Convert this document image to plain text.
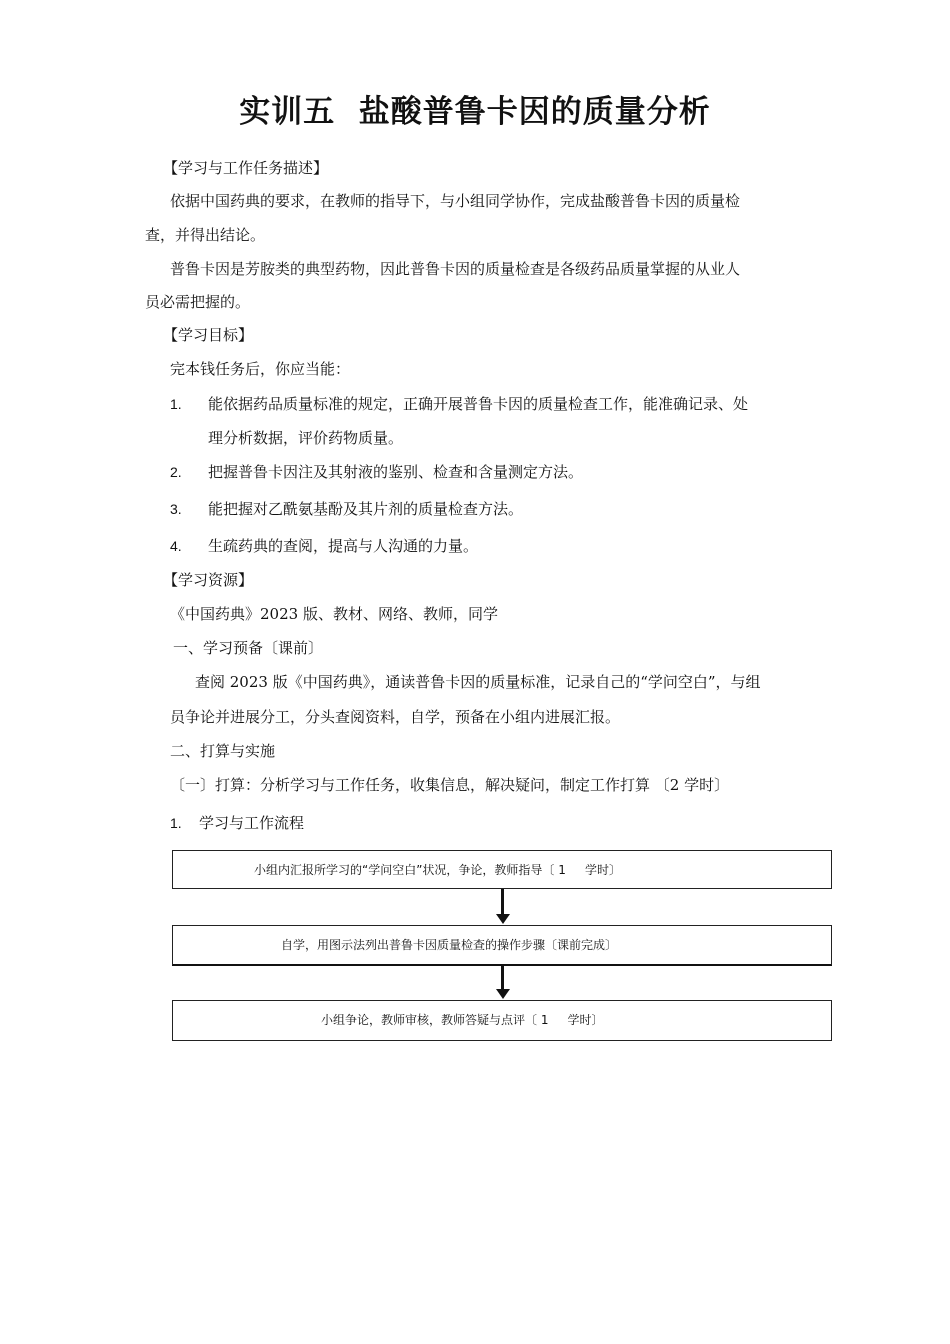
实训五  盐酸普鲁卡因的质量分析
【学习与工作任务描述】
依据中国药典的要求，在教师的指导下，与小组同学协作，完成盐酸普鲁卡因的质量检
查，并得出结论。
普鲁卡因是芳胺类的典型药物，因此普鲁卡因的质量检查是各级药品质量掌握的从业人
员必需把握的。
【学习目标】
完本钱任务后，你应当能：
1.	能依据药品质量标准的规定，正确开展普鲁卡因的质量检查工作，能准确记录、处
理分析数据，评价药物质量。
2.	把握普鲁卡因注及其射液的鉴别、检查和含量测定方法。
3.	能把握对乙酰氨基酚及其片剂的质量检查方法。
4.	生疏药典的查阅，提高与人沟通的力量。
【学习资源】
《中国药典》2023 版、教材、网络、教师，同学
一、学习预备〔课前〕
查阅 2023 版《中国药典》，通读普鲁卡因的质量标准，记录自己的“学问空白”，与组
员争论并进展分工，分头查阅资料，自学，预备在小组内进展汇报。
二、打算与实施
〔一〕打算：分析学习与工作任务，收集信息，解决疑问，制定工作打算 〔2 学时〕
1.	学习与工作流程
小组内汇报所学习的“学问空白”状况，争论，教师指导〔 1     学时〕
自学，用图示法列出普鲁卡因质量检查的操作步骤〔课前完成〕
小组争论，教师审核，教师答疑与点评〔 1     学时〕
